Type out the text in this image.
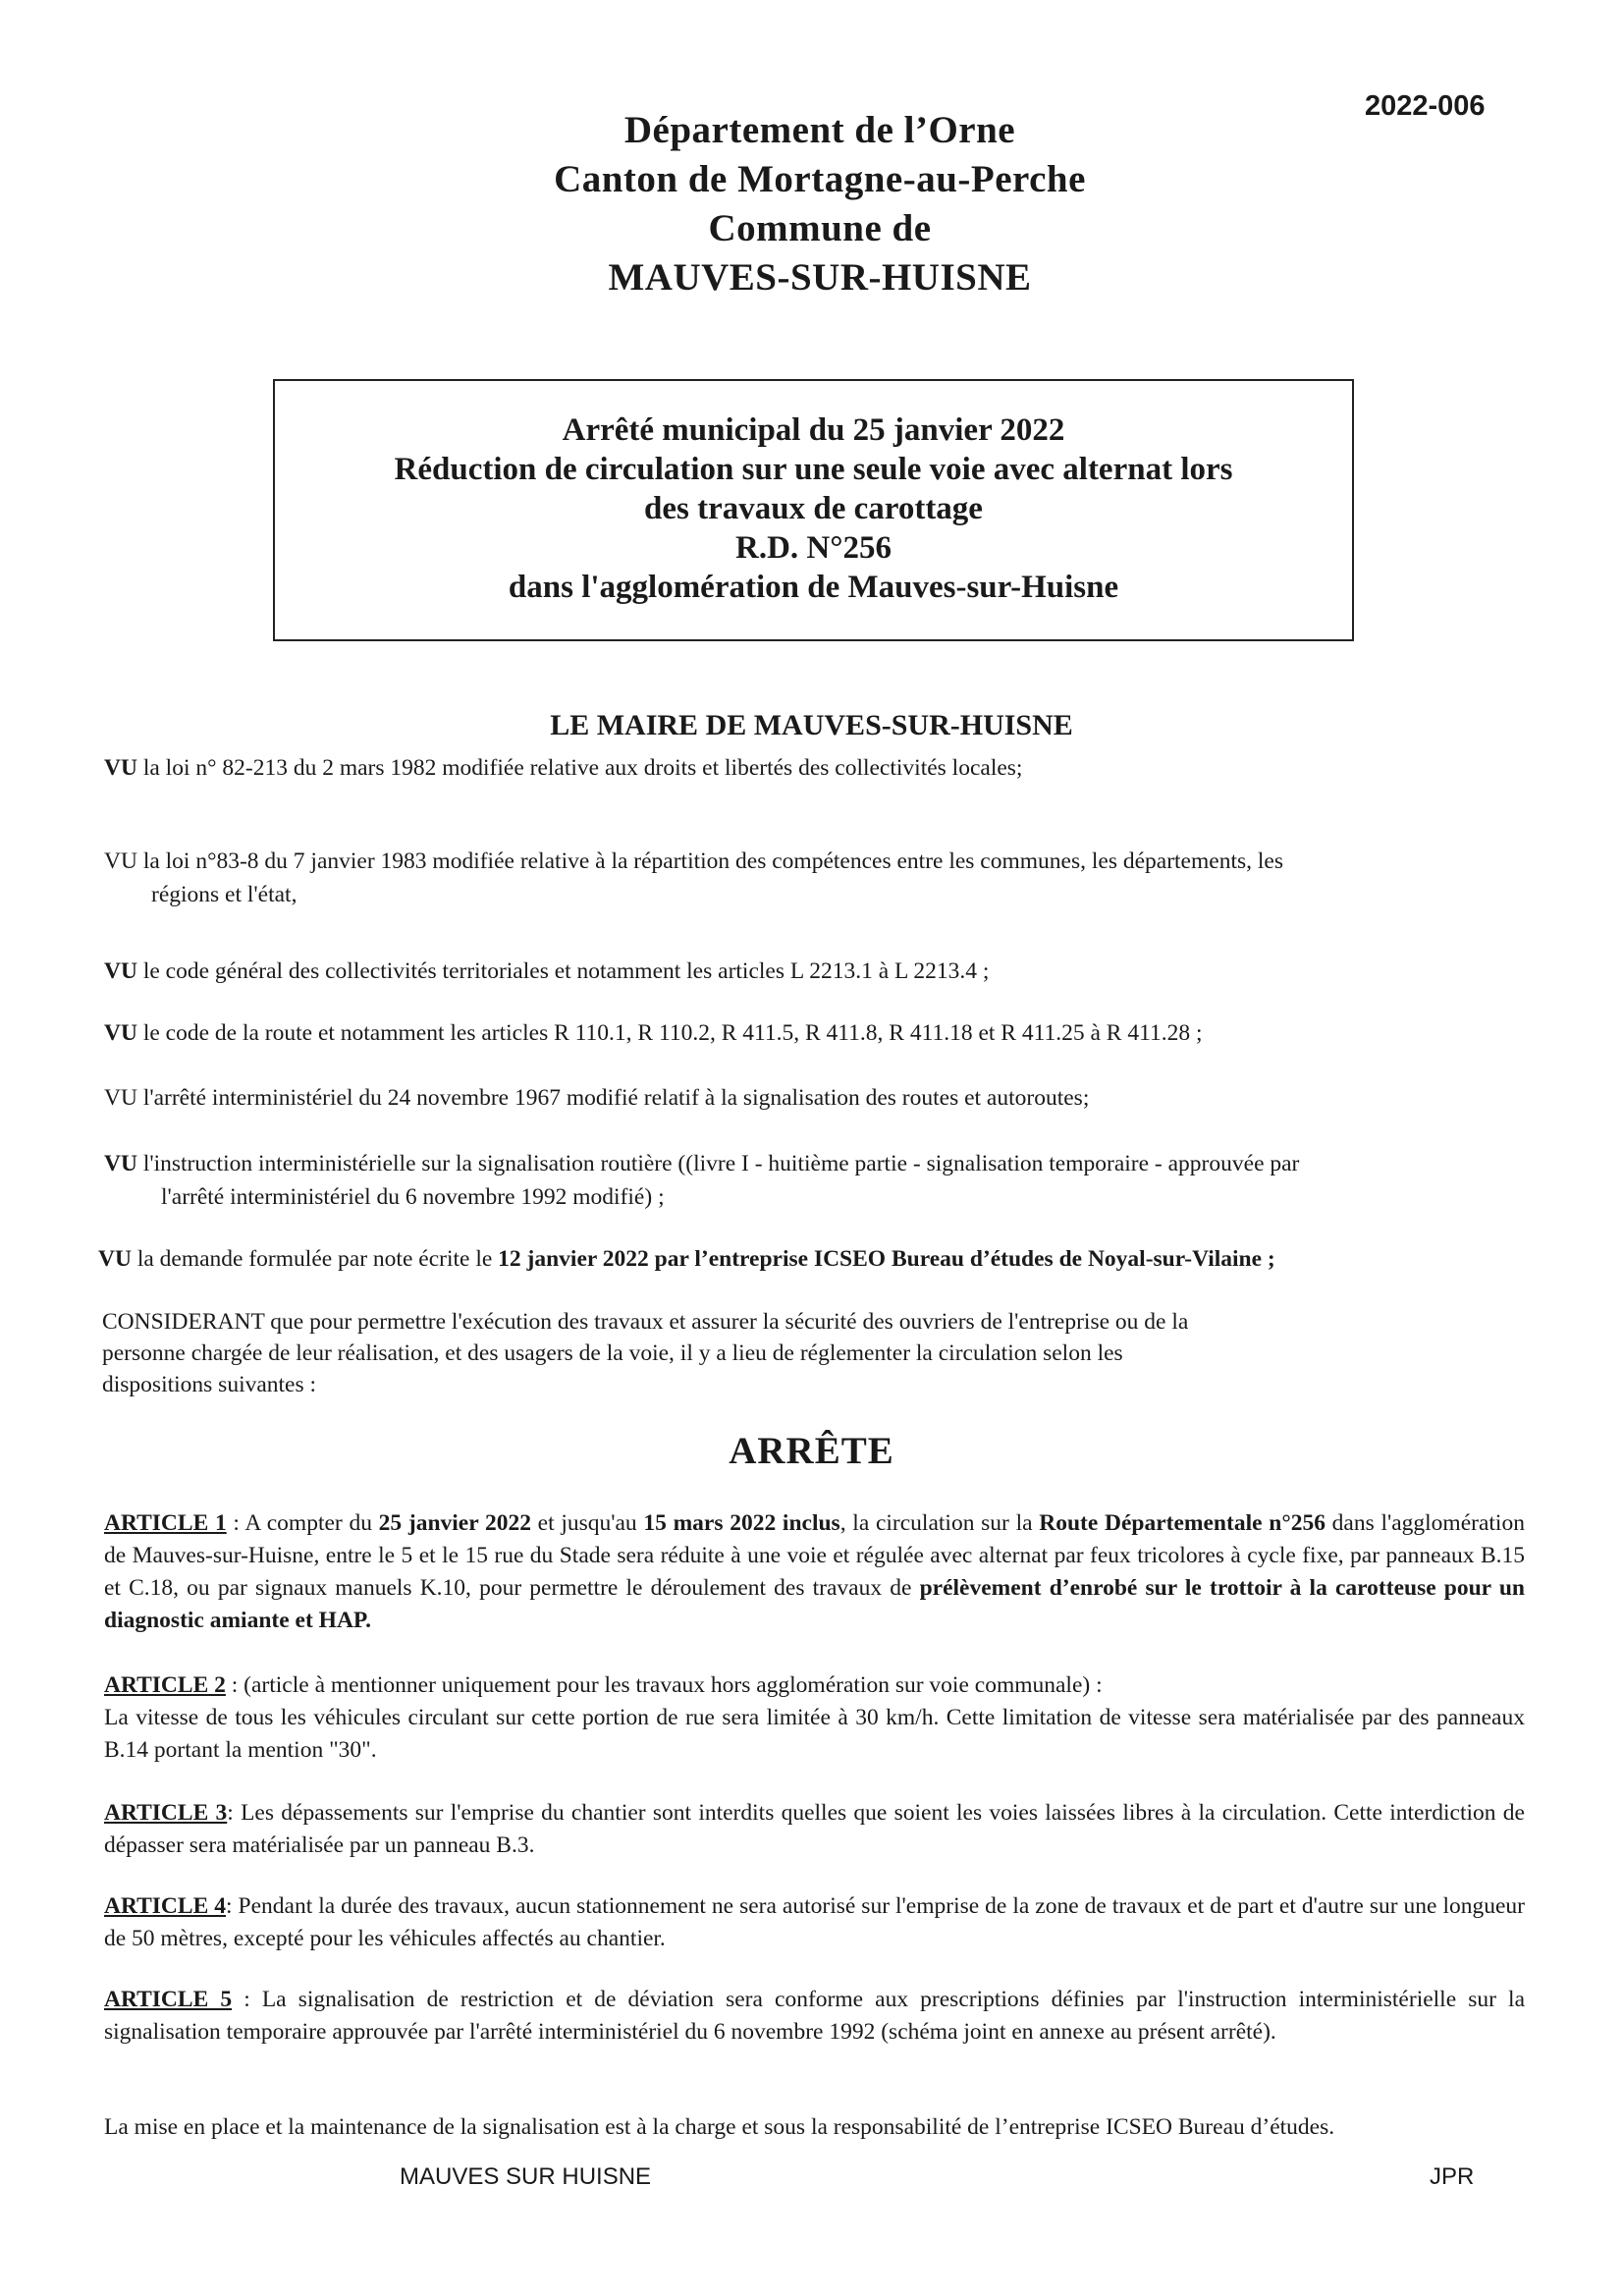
2022-006
Département de l’Orne
Canton de Mortagne-au-Perche
Commune de
MAUVES-SUR-HUISNE
Arrêté municipal du 25 janvier 2022
Réduction de circulation sur une seule voie avec alternat lors
des travaux de carottage
R.D. N°256
dans l'agglomération de Mauves-sur-Huisne
LE MAIRE DE MAUVES-SUR-HUISNE
VU la loi n° 82-213 du 2 mars 1982 modifiée relative aux droits et libertés des collectivités locales;
VU la loi n°83-8 du 7 janvier 1983 modifiée relative à la répartition des compétences entre les communes, les départements, les
régions et l'état,
VU le code général des collectivités territoriales et notamment les articles L 2213.1 à L 2213.4 ;
VU le code de la route et notamment les articles R 110.1, R 110.2, R 411.5, R 411.8, R 411.18 et R 411.25 à R 411.28 ;
VU l'arrêté interministériel du 24 novembre 1967 modifié relatif à la signalisation des routes et autoroutes;
VU l'instruction interministérielle sur la signalisation routière ((livre I - huitième partie - signalisation temporaire - approuvée par
l'arrêté interministériel du 6 novembre 1992 modifié) ;
VU la demande formulée par note écrite le 12 janvier 2022 par l’entreprise ICSEO Bureau d’études de Noyal-sur-Vilaine ;
CONSIDERANT que pour permettre l'exécution des travaux et assurer la sécurité des ouvriers de l'entreprise ou de la
personne chargée de leur réalisation, et des usagers de la voie, il y a lieu de réglementer la circulation selon les
dispositions suivantes :
ARRÊTE
ARTICLE 1 : A compter du 25 janvier 2022 et jusqu'au 15 mars 2022 inclus, la circulation sur la Route Départementale n°256 dans l'agglomération de Mauves-sur-Huisne, entre le 5 et le 15 rue du Stade sera réduite à une voie et régulée avec alternat par feux tricolores à cycle fixe, par panneaux B.15 et C.18, ou par signaux manuels K.10, pour permettre le déroulement des travaux de prélèvement d’enrobé sur le trottoir à la carotteuse pour un diagnostic amiante et HAP.
ARTICLE 2 : (article à mentionner uniquement pour les travaux hors agglomération sur voie communale) :
La vitesse de tous les véhicules circulant sur cette portion de rue sera limitée à 30 km/h. Cette limitation de vitesse sera matérialisée par des panneaux B.14 portant la mention "30".
ARTICLE 3: Les dépassements sur l'emprise du chantier sont interdits quelles que soient les voies laissées libres à la circulation. Cette interdiction de dépasser sera matérialisée par un panneau B.3.
ARTICLE 4: Pendant la durée des travaux, aucun stationnement ne sera autorisé sur l'emprise de la zone de travaux et de part et d'autre sur une longueur de 50 mètres, excepté pour les véhicules affectés au chantier.
ARTICLE 5 : La signalisation de restriction et de déviation sera conforme aux prescriptions définies par l'instruction interministérielle sur la signalisation temporaire approuvée par l'arrêté interministériel du 6 novembre 1992 (schéma joint en annexe au présent arrêté).
La mise en place et la maintenance de la signalisation est à la charge et sous la responsabilité de l’entreprise ICSEO Bureau d’études.
MAUVES SUR HUISNE	JPR
